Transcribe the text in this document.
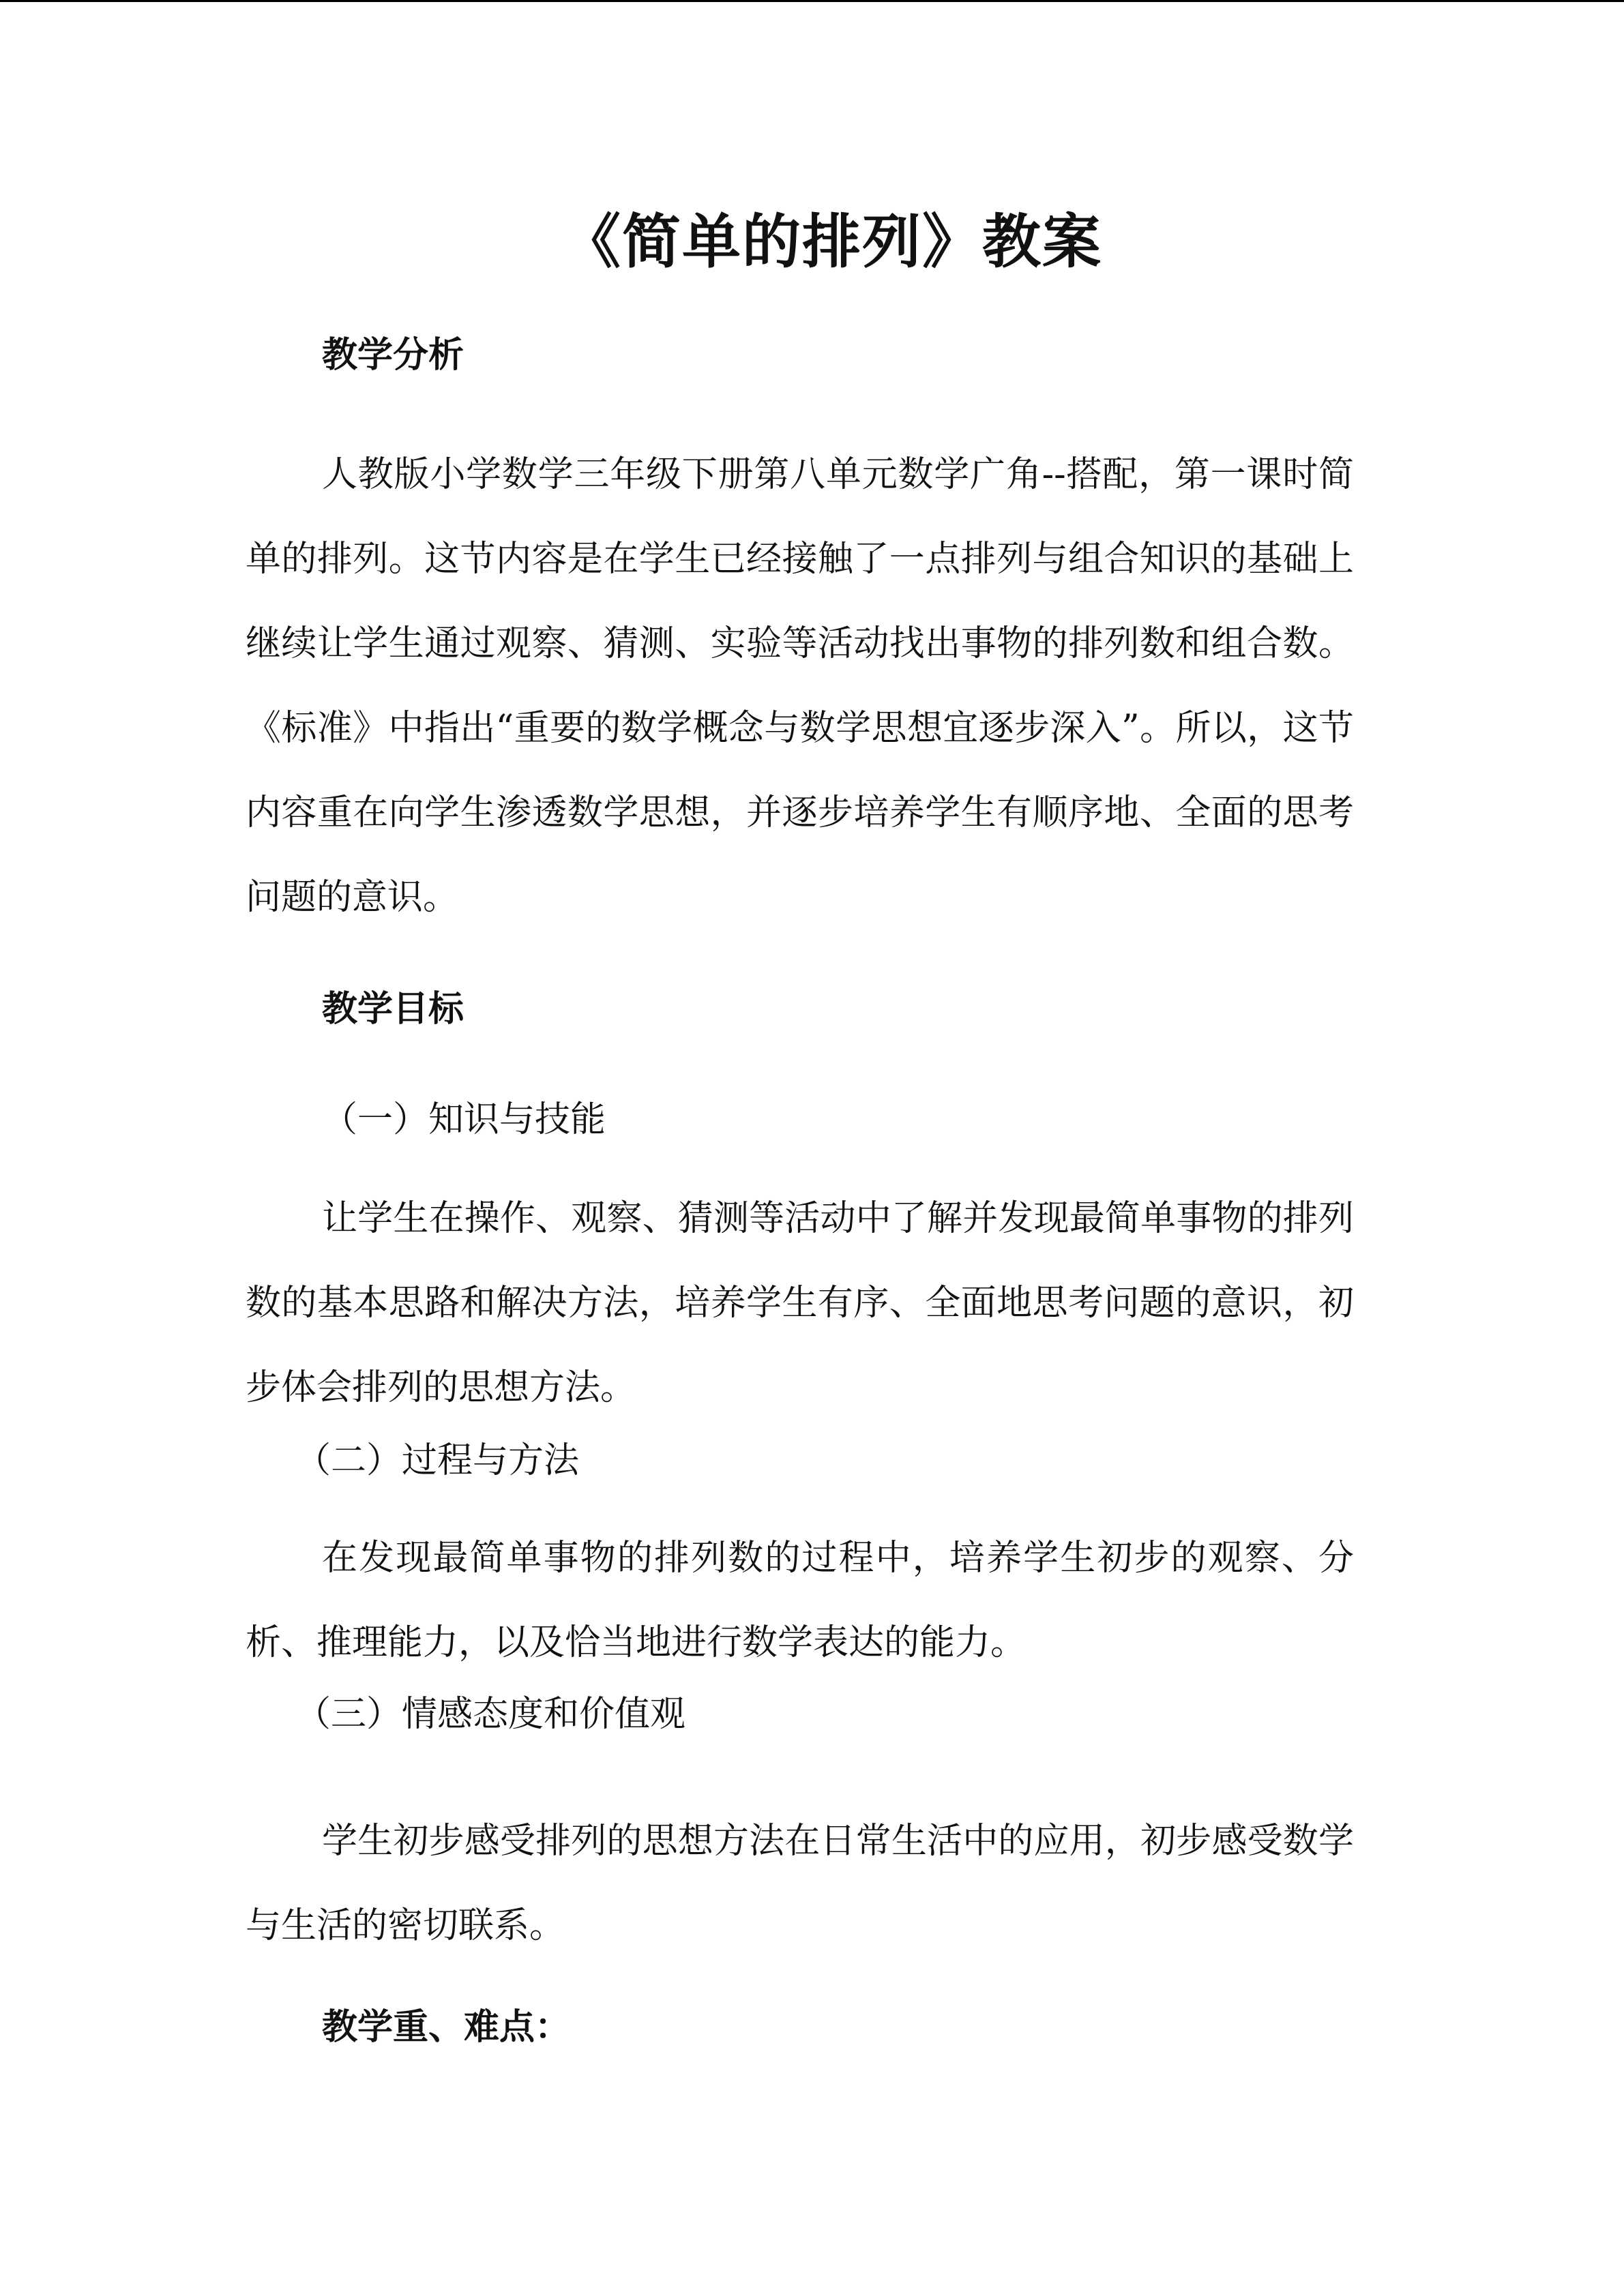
《简单的排列》教案
教学分析
人教版小学数学三年级下册第八单元数学广角--搭配，第一课时简单的排列。这节内容是在学生已经接触了一点排列与组合知识的基础上继续让学生通过观察、猜测、实验等活动找出事物的排列数和组合数。《标准》中指出“重要的数学概念与数学思想宜逐步深入”。所以，这节内容重在向学生渗透数学思想，并逐步培养学生有顺序地、全面的思考问题的意识。
教学目标
（一）知识与技能
让学生在操作、观察、猜测等活动中了解并发现最简单事物的排列数的基本思路和解决方法，培养学生有序、全面地思考问题的意识，初步体会排列的思想方法。
（二）过程与方法
在发现最简单事物的排列数的过程中，培养学生初步的观察、分析、推理能力，以及恰当地进行数学表达的能力。
（三）情感态度和价值观
学生初步感受排列的思想方法在日常生活中的应用，初步感受数学与生活的密切联系。
教学重、难点：
